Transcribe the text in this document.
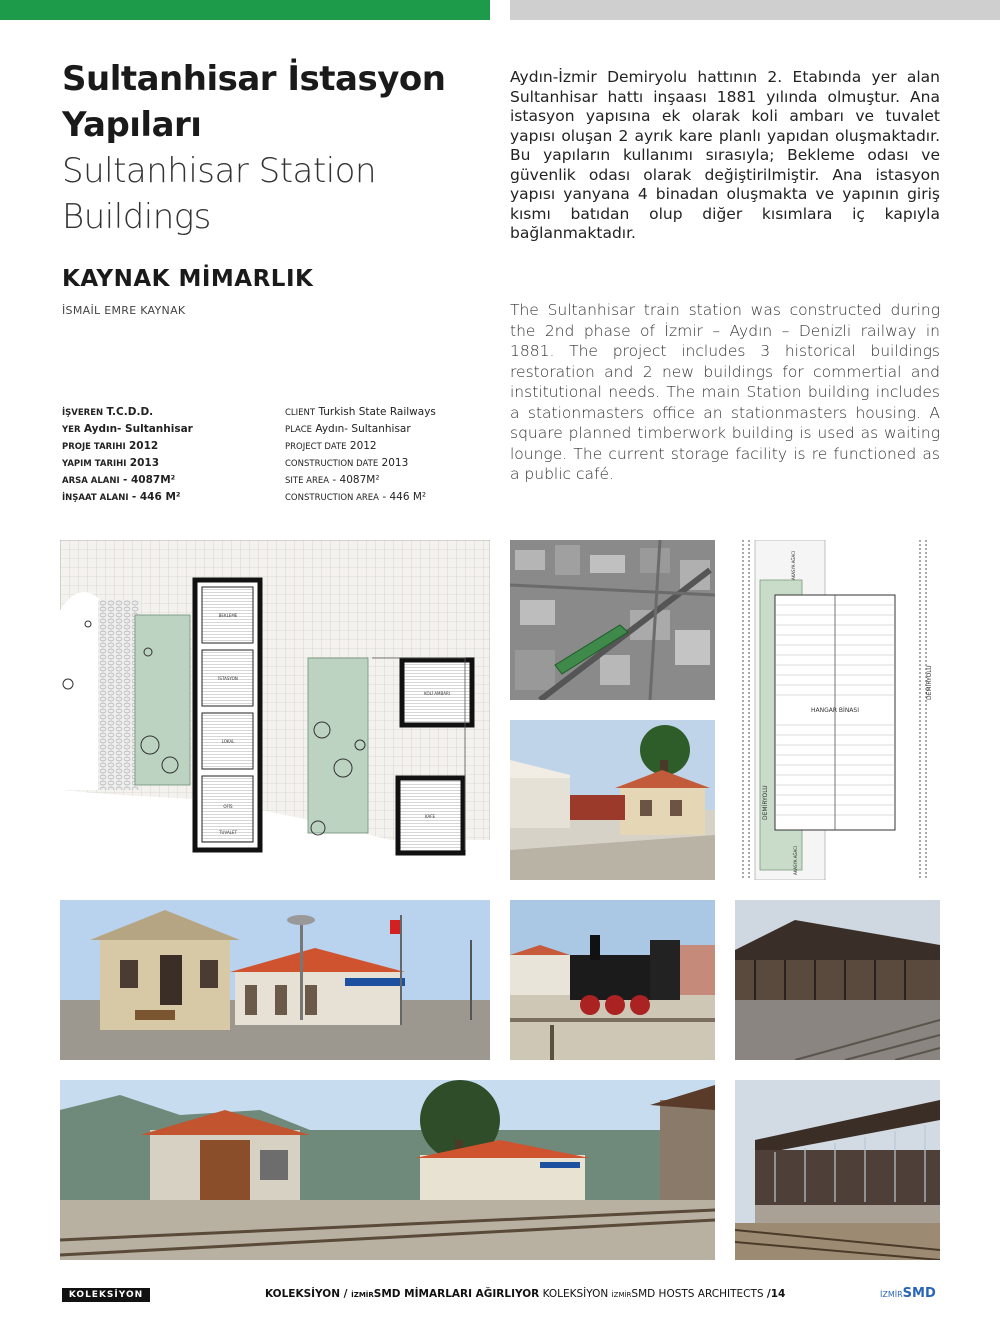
Sultanhisar İstasyon Yapıları
Sultanhisar Station Buildings
KAYNAK MİMARLIK
İSMAİL EMRE KAYNAK
İŞVEREN T.C.D.D.
YER Aydın- Sultanhisar
PROJE TARIHI 2012
YAPIM TARIHI 2013
ARSA ALANI - 4087M²
İNŞAAT ALANI - 446 M²
CLIENT Turkish State Railways
PLACE Aydın- Sultanhisar
PROJECT DATE 2012
CONSTRUCTION DATE 2013
SITE AREA - 4087M²
CONSTRUCTION AREA - 446 M²
Aydın-İzmir Demiryolu hattının 2. Etabında yer alan Sultanhisar hattı inşaası 1881 yılında olmuştur. Ana istasyon yapısına ek olarak koli ambarı ve tuvalet yapısı oluşan 2 ayrık kare planlı yapıdan oluşmaktadır. Bu yapıların kullanımı sırasıyla; Bekleme odası ve güvenlik odası olarak değiştirilmiştir. Ana istasyon yapısı yanyana 4 binadan oluşmakta ve yapının giriş kısmı batıdan olup diğer kısımlara iç kapıyla bağlanmaktadır.
The Sultanhisar train station was constructed during the 2nd phase of İzmir – Aydın – Denizli railway in 1881. The project includes 3 historical buildings restoration and 2 new buildings for commertial and institutional needs. The main Station building includes a stationmasters office an stationmasters housing. A square planned timberwork building is used as waiting lounge. The current storage facility is re functioned as a public café.
BEKLEME
İSTASYON
LOKAL
OFİS
TUVALET
KOLİ AMBARI
KAFE
HANGAR BİNASI
DEMİRYOLU
DEMİRYOLU
AKASYA AĞACI
AKASYA AĞACI
KOLEKSİYON	KOLEKSİYON / İZMİRSMD MİMARLARI AĞIRLIYOR KOLEKSİYON İZMİRSMD HOSTS ARCHITECTS /14	İZMİRSMD
